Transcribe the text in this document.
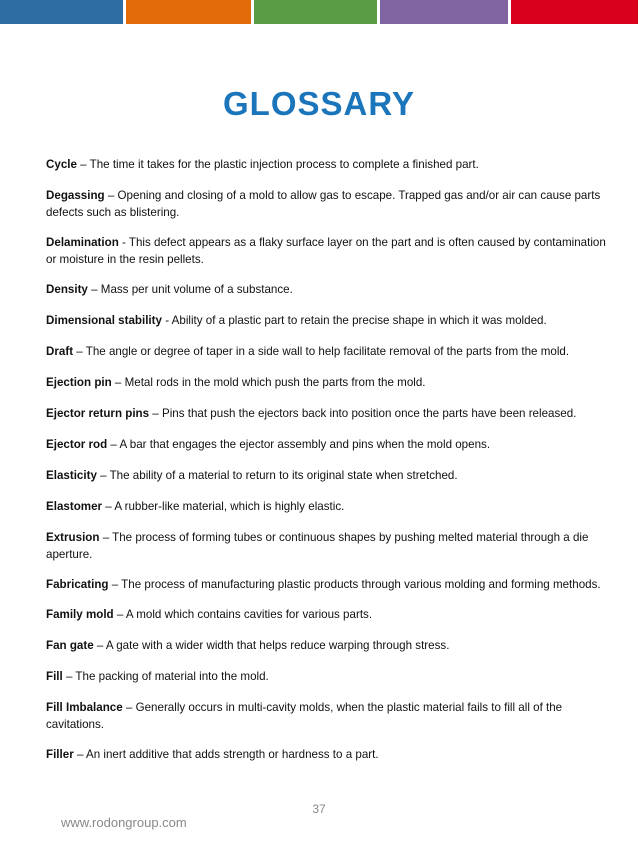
GLOSSARY
Cycle – The time it takes for the plastic injection process to complete a finished part.
Degassing – Opening and closing of a mold to allow gas to escape. Trapped gas and/or air can cause parts defects such as blistering.
Delamination - This defect appears as a flaky surface layer on the part and is often caused by contamination or moisture in the resin pellets.
Density – Mass per unit volume of a substance.
Dimensional stability - Ability of a plastic part to retain the precise shape in which it was molded.
Draft – The angle or degree of taper in a side wall to help facilitate removal of the parts from the mold.
Ejection pin – Metal rods in the mold which push the parts from the mold.
Ejector return pins – Pins that push the ejectors back into position once the parts have been released.
Ejector rod – A bar that engages the ejector assembly and pins when the mold opens.
Elasticity – The ability of a material to return to its original state when stretched.
Elastomer – A rubber-like material, which is highly elastic.
Extrusion – The process of forming tubes or continuous shapes by pushing melted material through a die aperture.
Fabricating – The process of manufacturing plastic products through various molding and forming methods.
Family mold – A mold which contains cavities for various parts.
Fan gate – A gate with a wider width that helps reduce warping through stress.
Fill – The packing of material into the mold.
Fill Imbalance – Generally occurs in multi-cavity molds, when the plastic material fails to fill all of the cavitations.
Filler – An inert additive that adds strength or hardness to a part.
37
www.rodongroup.com
